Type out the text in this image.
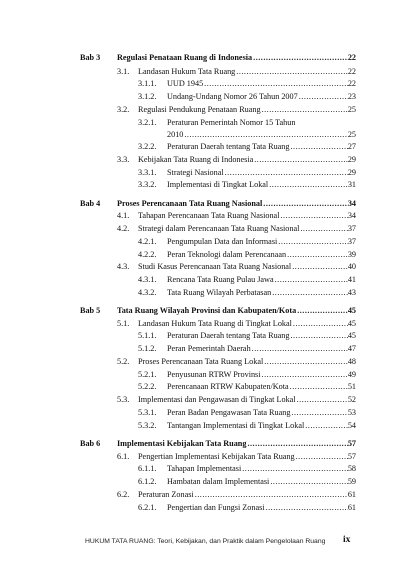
Bab 3 Regulasi Penataan Ruang di Indonesia .....	22
3.1. Landasan Hukum Tata Ruang .....	22
3.1.1. UUD 1945 .....	22
3.1.2. Undang-Undang Nomor 26 Tahun 2007 .....	23
3.2. Regulasi Pendukung Penataan Ruang .....	25
3.2.1. Peraturan Pemerintah Nomor 15 Tahun
2010 .....	25
3.2.2. Peraturan Daerah tentang Tata Ruang .....	27
3.3. Kebijakan Tata Ruang di Indonesia .....	29
3.3.1. Strategi Nasional .....	29
3.3.2. Implementasi di Tingkat Lokal .....	31
Bab 4 Proses Perencanaan Tata Ruang Nasional .....	34
4.1. Tahapan Perencanaan Tata Ruang Nasional .....	34
4.2. Strategi dalam Perencanaan Tata Ruang Nasional .....	37
4.2.1. Pengumpulan Data dan Informasi .....	37
4.2.2. Peran Teknologi dalam Perencanaan .....	39
4.3. Studi Kasus Perencanaan Tata Ruang Nasional .....	40
4.3.1. Rencana Tata Ruang Pulau Jawa .....	41
4.3.2. Tata Ruang Wilayah Perbatasan .....	43
Bab 5 Tata Ruang Wilayah Provinsi dan Kabupaten/Kota .....	45
5.1. Landasan Hukum Tata Ruang di Tingkat Lokal .....	45
5.1.1. Peraturan Daerah tentang Tata Ruang .....	45
5.1.2. Peran Pemerintah Daerah .....	47
5.2. Proses Perencanaan Tata Ruang Lokal .....	48
5.2.1. Penyusunan RTRW Provinsi .....	49
5.2.2. Perencanaan RTRW Kabupaten/Kota .....	51
5.3. Implementasi dan Pengawasan di Tingkat Lokal .....	52
5.3.1. Peran Badan Pengawasan Tata Ruang .....	53
5.3.2. Tantangan Implementasi di Tingkat Lokal .....	54
Bab 6 Implementasi Kebijakan Tata Ruang .....	57
6.1. Pengertian Implementasi Kebijakan Tata Ruang .....	57
6.1.1. Tahapan Implementasi .....	58
6.1.2. Hambatan dalam Implementasi .....	59
6.2. Peraturan Zonasi .....	61
6.2.1. Pengertian dan Fungsi Zonasi .....	61
HUKUM TATA RUANG: Teori, Kebijakan, dan Praktik dalam Pengelolaan Ruang ix
